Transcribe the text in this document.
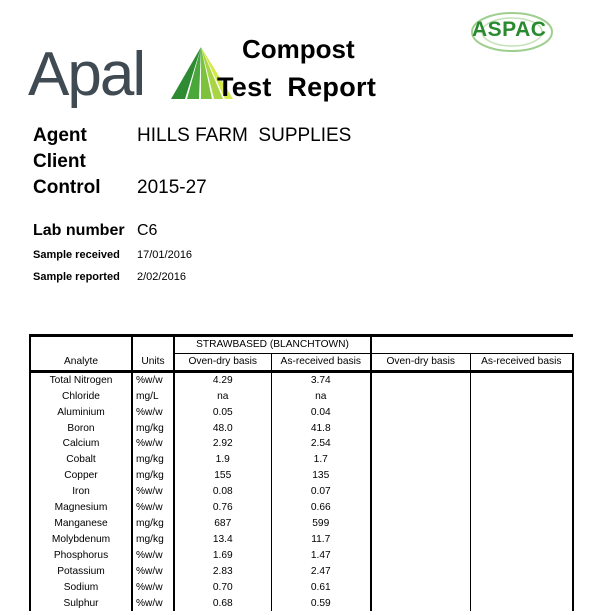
Apal
ASPAC
Compost
Test  Report
Agent	HILLS FARM  SUPPLIES
Client
Control 2015-27
Lab number C6
Sample received 17/01/2016
Sample reported 2/02/2016
		STRAWBASED (BLANCHTOWN)		
Analyte	Units	Oven-dry basis	As-received basis	Oven-dry basis	As-received basis
Total Nitrogen	%w/w	4.29	3.74		
Chloride	mg/L	na	na		
Aluminium	%w/w	0.05	0.04		
Boron	mg/kg	48.0	41.8		
Calcium	%w/w	2.92	2.54		
Cobalt	mg/kg	1.9	1.7		
Copper	mg/kg	155	135		
Iron	%w/w	0.08	0.07		
Magnesium	%w/w	0.76	0.66		
Manganese	mg/kg	687	599		
Molybdenum	mg/kg	13.4	11.7		
Phosphorus	%w/w	1.69	1.47		
Potassium	%w/w	2.83	2.47		
Sodium	%w/w	0.70	0.61		
Sulphur	%w/w	0.68	0.59		
